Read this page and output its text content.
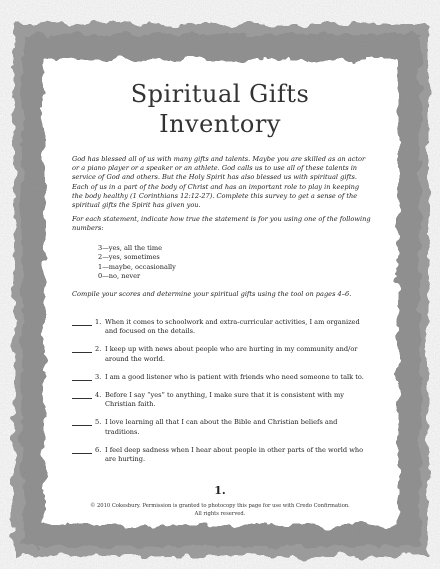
Spiritual Gifts
Inventory

God has blessed all of us with many gifts and talents. Maybe you are skilled as an actor or a piano player or a speaker or an athlete. God calls us to use all of these talents in service of God and others. But the Holy Spirit has also blessed us with spiritual gifts. Each of us in a part of the body of Christ and has an important role to play in keeping the body healthy (1 Corinthians 12:12-27). Complete this survey to get a sense of the spiritual gifts the Spirit has given you.

For each statement, indicate how true the statement is for you using one of the following numbers:

3—yes, all the time
2—yes, sometimes
1—maybe, occasionally
0—no, never
Compile your scores and determine your spiritual gifts using the tool on pages 4–6.
1. When it comes to schoolwork and extra-curricular activities, I am organized and focused on the details.
2. I keep up with news about people who are hurting in my community and/or around the world.
3. I am a good listener who is patient with friends who need someone to talk to.
4. Before I say “yes” to anything, I make sure that it is consistent with my Christian faith.
5. I love learning all that I can about the Bible and Christian beliefs and traditions.
6. I feel deep sadness when I hear about people in other parts of the world who are hurting.
1.
© 2010 Cokesbury. Permission is granted to photocopy this page for use with Credo Confirmation.
All rights reserved.
